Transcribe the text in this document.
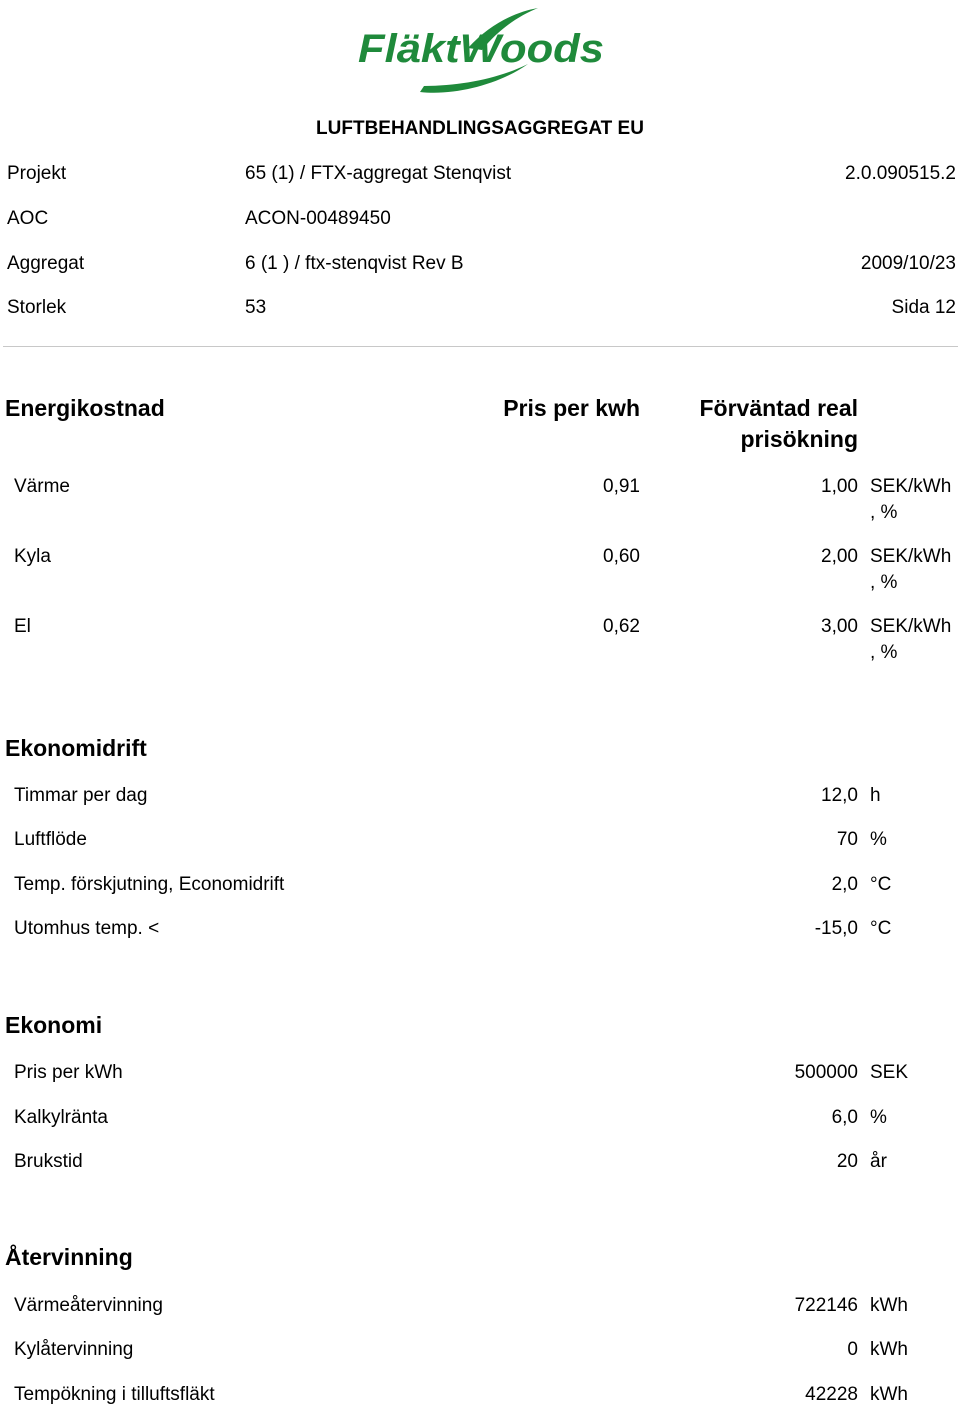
FläktWoods
LUFTBEHANDLINGSAGGREGAT EU
Projekt	65 (1) / FTX-aggregat Stenqvist	2.0.090515.2
AOC	ACON-00489450
Aggregat	6 (1 ) / ftx-stenqvist Rev B	2009/10/23
Storlek	53	Sida 12
Energikostnad	Pris per kwh	Förväntad real
prisökning
Värme	0,91	1,00 SEK/kWh
, %
Kyla	0,60	2,00 SEK/kWh
, %
El	0,62	3,00 SEK/kWh
, %
Ekonomidrift
Timmar per dag	12,0 h
Luftflöde	70 %
Temp. förskjutning, Economidrift	2,0 °C
Utomhus temp. <	-15,0 °C
Ekonomi
Pris per kWh	500000 SEK
Kalkylränta	6,0 %
Brukstid	20 år
Återvinning
Värmeåtervinning	722146 kWh
Kylåtervinning	0 kWh
Tempökning i tilluftsfläkt	42228 kWh
